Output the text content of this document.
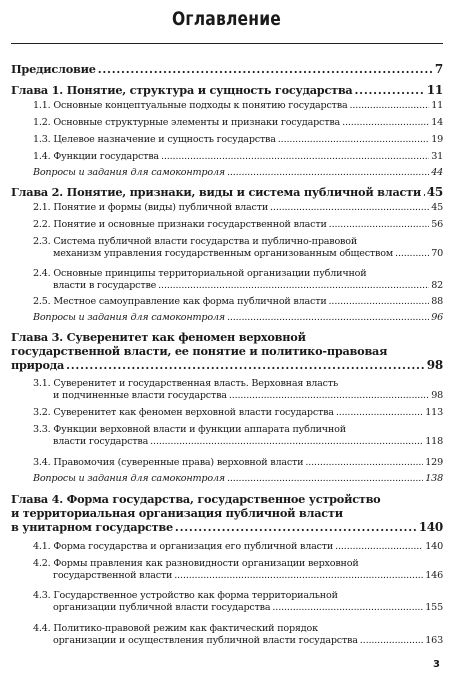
Оглавление
Предисловие . . .	7
Глава 1. Понятие, структура и сущность государства . . .	11
1.1. Основные концептуальные подходы к понятию государства . . .	11
1.2. Основные структурные элементы и признаки государства . . .	14
1.3. Целевое назначение и сущность государства . . .	19
1.4. Функции государства . . .	31
Вопросы и задания для самоконтроля . . .	44
Глава 2. Понятие, признаки, виды и система публичной власти . . . 45
2.1. Понятие и формы (виды) публичной власти . . .	45
2.2. Понятие и основные признаки государственной власти . . .	56
2.3. Система публичной власти государства и публично-правовой
механизм управления государственным организованным обществом . . .	70
2.4. Основные принципы территориальной организации публичной
власти в государстве . . .	82
2.5. Местное самоуправление как форма публичной власти . . .	88
Вопросы и задания для самоконтроля . . .	96
Глава 3. Суверенитет как феномен верховной
государственной власти, ее понятие и политико-правовая
природа . . .	98
3.1. Суверенитет и государственная власть. Верховная власть
и подчиненные власти государства . . .	98
3.2. Суверенитет как феномен верховной власти государства . . .	113
3.3. Функции верховной власти и функции аппарата публичной
власти государства . . .	118
3.4. Правомочия (суверенные права) верховной власти . . .	129
Вопросы и задания для самоконтроля . . .	138
Глава 4. Форма государства, государственное устройство
и территориальная организация публичной власти
в унитарном государстве . . .	140
4.1. Форма государства и организация его публичной власти . . .	140
4.2. Формы правления как разновидности организации верховной
государственной власти . . .	146
4.3. Государственное устройство как форма территориальной
организации публичной власти государства . . .	155
4.4. Политико-правовой режим как фактический порядок
организации и осуществления публичной власти государства . . .	163
3
